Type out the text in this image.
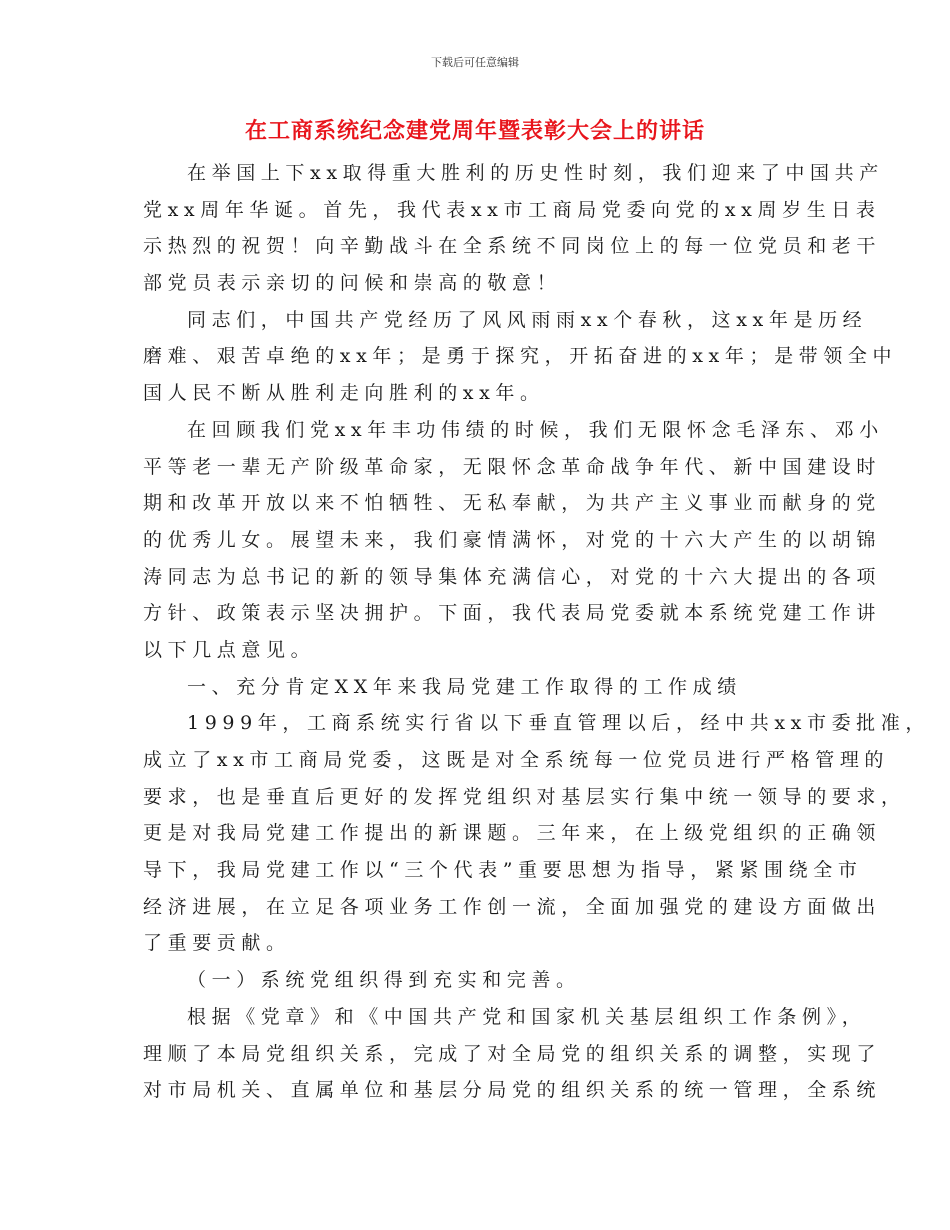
下载后可任意编辑
在工商系统纪念建党周年暨表彰大会上的讲话
在举国上下xx取得重大胜利的历史性时刻，我们迎来了中国共产
党xx周年华诞。首先，我代表xx市工商局党委向党的xx周岁生日表
示热烈的祝贺！向辛勤战斗在全系统不同岗位上的每一位党员和老干
部党员表示亲切的问候和崇高的敬意！
同志们，中国共产党经历了风风雨雨xx个春秋，这xx年是历经
磨难、艰苦卓绝的xx年；是勇于探究，开拓奋进的xx年；是带领全中
国人民不断从胜利走向胜利的xx年。
在回顾我们党xx年丰功伟绩的时候，我们无限怀念毛泽东、邓小
平等老一辈无产阶级革命家，无限怀念革命战争年代、新中国建设时
期和改革开放以来不怕牺牲、无私奉献，为共产主义事业而献身的党
的优秀儿女。展望未来，我们豪情满怀，对党的十六大产生的以胡锦
涛同志为总书记的新的领导集体充满信心，对党的十六大提出的各项
方针、政策表示坚决拥护。下面，我代表局党委就本系统党建工作讲
以下几点意见。
一、充分肯定XX年来我局党建工作取得的工作成绩
1999年，工商系统实行省以下垂直管理以后，经中共xx市委批准，
成立了xx市工商局党委，这既是对全系统每一位党员进行严格管理的
要求，也是垂直后更好的发挥党组织对基层实行集中统一领导的要求，
更是对我局党建工作提出的新课题。三年来，在上级党组织的正确领
导下，我局党建工作以“三个代表”重要思想为指导，紧紧围绕全市
经济进展，在立足各项业务工作创一流，全面加强党的建设方面做出
了重要贡献。
（一）系统党组织得到充实和完善。
根据《党章》和《中国共产党和国家机关基层组织工作条例》，
理顺了本局党组织关系，完成了对全局党的组织关系的调整，实现了
对市局机关、直属单位和基层分局党的组织关系的统一管理，全系统
